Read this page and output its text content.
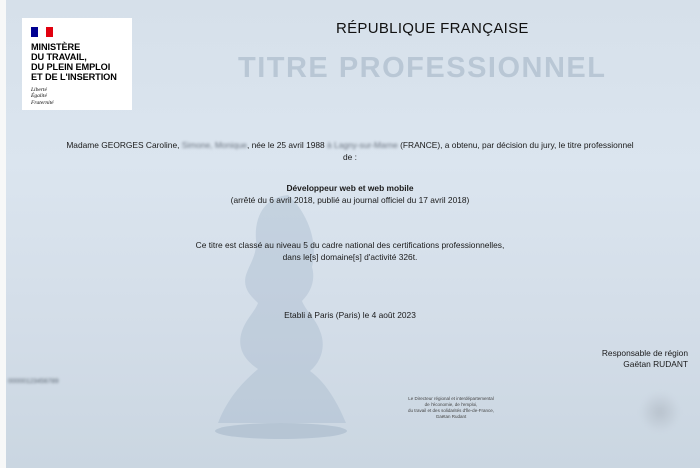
RÉPUBLIQUE FRANÇAISE
TITRE PROFESSIONNEL
MINISTÈRE
DU TRAVAIL,
DU PLEIN EMPLOI
ET DE L'INSERTION
Liberté
Égalité
Fraternité
Madame GEORGES Caroline, Simone, Monique, née le 25 avril 1988 à Lagny-sur-Marne (FRANCE), a obtenu, par décision du jury, le titre professionnel
de :
Développeur web et web mobile
(arrêté du 6 avril 2018, publié au journal officiel du 17 avril 2018)
Ce titre est classé au niveau 5 du cadre national des certifications professionnelles,
dans le[s] domaine[s] d'activité 326t.
Etabli à Paris (Paris) le 4 août 2023
Responsable de région
Gaëtan RUDANT
00000123456789
Le Directeur régional et interdépartemental
de l'économie, de l'emploi,
du travail et des solidarités d'Île-de-France,
Gaëtan Rudant
